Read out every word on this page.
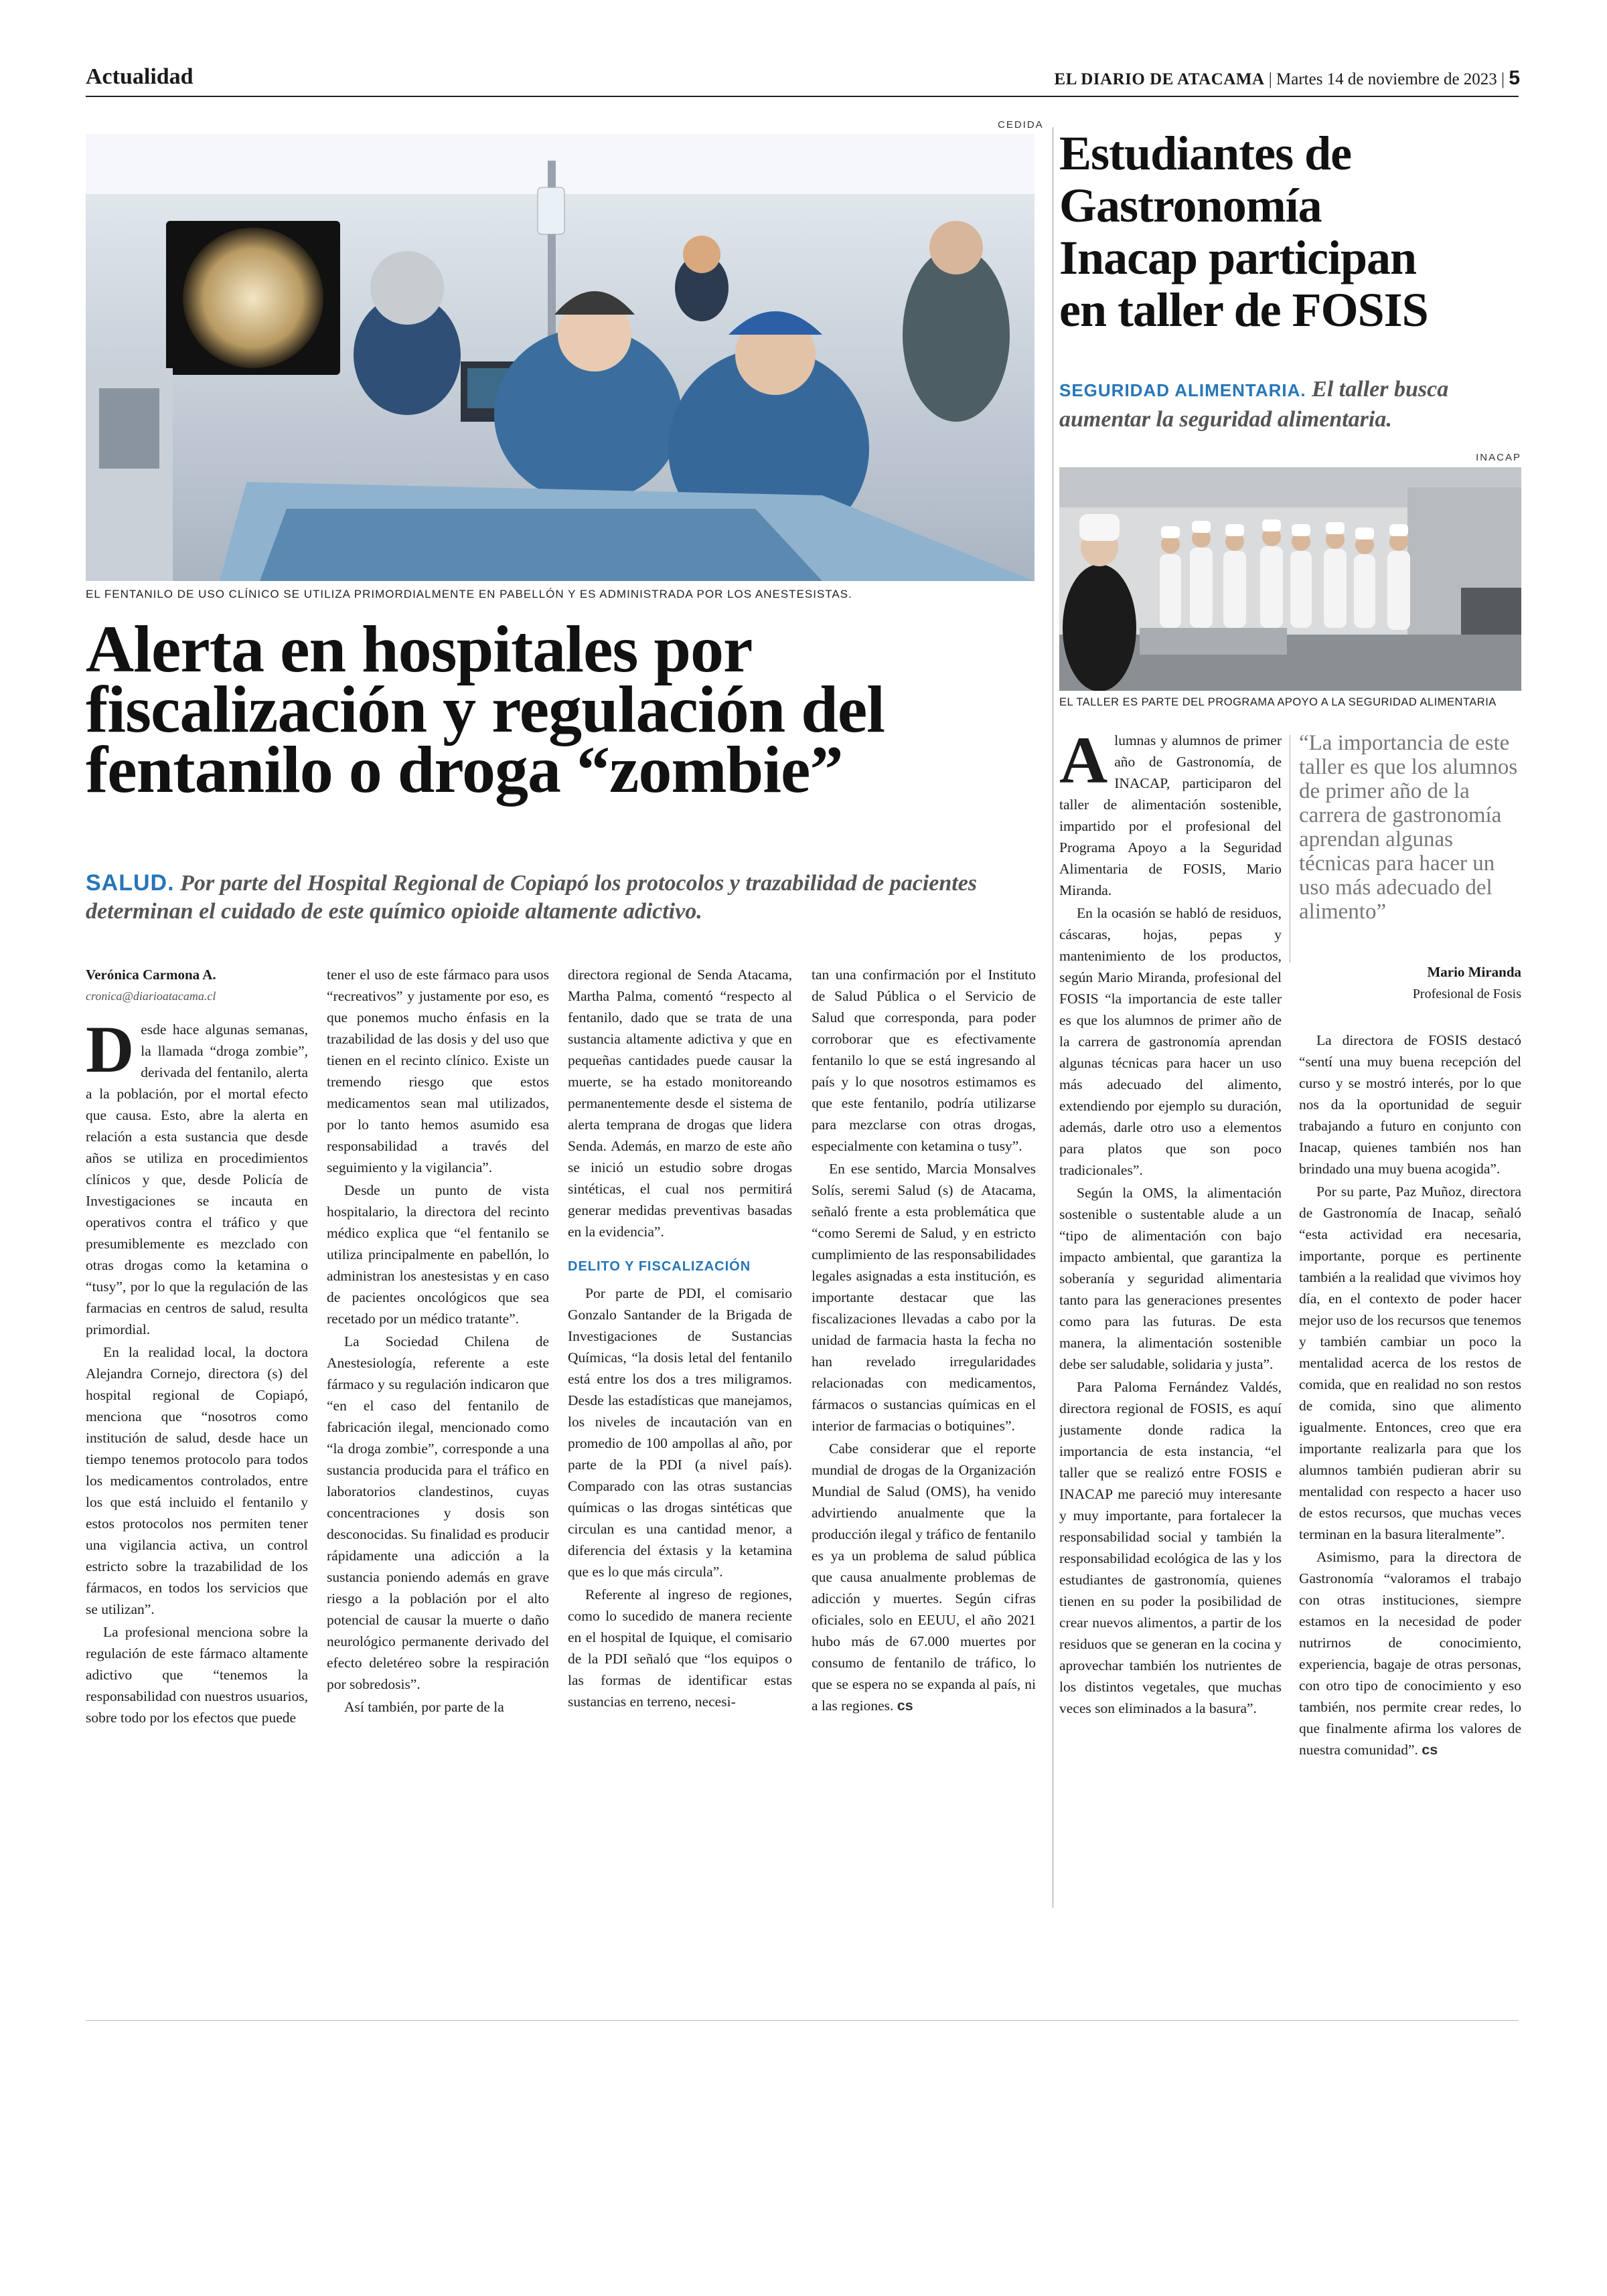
Actualidad	EL DIARIO DE ATACAMA | Martes 14 de noviembre de 2023 | 5
CEDIDA
EL FENTANILO DE USO CLÍNICO SE UTILIZA PRIMORDIALMENTE EN PABELLÓN Y ES ADMINISTRADA POR LOS ANESTESISTAS.
Alerta en hospitales por
fiscalización y regulación del
fentanilo o droga “zombie”
SALUD. Por parte del Hospital Regional de Copiapó los protocolos y trazabilidad de pacientes determinan el cuidado de este químico opioide altamente adictivo.
Verónica Carmona A.
cronica@diarioatacama.cl

Desde hace algunas semanas, la llamada “droga zombie”, derivada del fentanilo, alerta a la población, por el mortal efecto que causa. Esto, abre la alerta en relación a esta sustancia que desde años se utiliza en procedimientos clínicos y que, desde Policía de Investigaciones se incauta en operativos contra el tráfico y que presumiblemente es mezclado con otras drogas como la ketamina o “tusy”, por lo que la regulación de las farmacias en centros de salud, resulta primordial.

En la realidad local, la doctora Alejandra Cornejo, directora (s) del hospital regional de Copiapó, menciona que “nosotros como institución de salud, desde hace un tiempo tenemos protocolo para todos los medicamentos controlados, entre los que está incluido el fentanilo y estos protocolos nos permiten tener una vigilancia activa, un control estricto sobre la trazabilidad de los fármacos, en todos los servicios que se utilizan”.

La profesional menciona sobre la regulación de este fármaco altamente adictivo que “tenemos la responsabilidad con nuestros usuarios, sobre todo por los efectos que puede

tener el uso de este fármaco para usos “recreativos” y justamente por eso, es que ponemos mucho énfasis en la trazabilidad de las dosis y del uso que tienen en el recinto clínico. Existe un tremendo riesgo que estos medicamentos sean mal utilizados, por lo tanto hemos asumido esa responsabilidad a través del seguimiento y la vigilancia”.

Desde un punto de vista hospitalario, la directora del recinto médico explica que “el fentanilo se utiliza principalmente en pabellón, lo administran los anestesistas y en caso de pacientes oncológicos que sea recetado por un médico tratante”.

La Sociedad Chilena de Anestesiología, referente a este fármaco y su regulación indicaron que “en el caso del fentanilo de fabricación ilegal, mencionado como “la droga zombie”, corresponde a una sustancia producida para el tráfico en laboratorios clandestinos, cuyas concentraciones y dosis son desconocidas. Su finalidad es producir rápidamente una adicción a la sustancia poniendo además en grave riesgo a la población por el alto potencial de causar la muerte o daño neurológico permanente derivado del efecto deletéreo sobre la respiración por sobredosis”.

Así también, por parte de la

directora regional de Senda Atacama, Martha Palma, comentó “respecto al fentanilo, dado que se trata de una sustancia altamente adictiva y que en pequeñas cantidades puede causar la muerte, se ha estado monitoreando permanentemente desde el sistema de alerta temprana de drogas que lidera Senda. Además, en marzo de este año se inició un estudio sobre drogas sintéticas, el cual nos permitirá generar medidas preventivas basadas en la evidencia”.

DELITO Y FISCALIZACIÓN

Por parte de PDI, el comisario Gonzalo Santander de la Brigada de Investigaciones de Sustancias Químicas, “la dosis letal del fentanilo está entre los dos a tres miligramos. Desde las estadísticas que manejamos, los niveles de incautación van en promedio de 100 ampollas al año, por parte de la PDI (a nivel país). Comparado con las otras sustancias químicas o las drogas sintéticas que circulan es una cantidad menor, a diferencia del éxtasis y la ketamina que es lo que más circula”.

Referente al ingreso de regiones, como lo sucedido de manera reciente en el hospital de Iquique, el comisario de la PDI señaló que “los equipos o las formas de identificar estas sustancias en terreno, necesi-

tan una confirmación por el Instituto de Salud Pública o el Servicio de Salud que corresponda, para poder corroborar que es efectivamente fentanilo lo que se está ingresando al país y lo que nosotros estimamos es que este fentanilo, podría utilizarse para mezclarse con otras drogas, especialmente con ketamina o tusy”.

En ese sentido, Marcia Monsalves Solís, seremi Salud (s) de Atacama, señaló frente a esta problemática que “como Seremi de Salud, y en estricto cumplimiento de las responsabilidades legales asignadas a esta institución, es importante destacar que las fiscalizaciones llevadas a cabo por la unidad de farmacia hasta la fecha no han revelado irregularidades relacionadas con medicamentos, fármacos o sustancias químicas en el interior de farmacias o botiquines”.

Cabe considerar que el reporte mundial de drogas de la Organización Mundial de Salud (OMS), ha venido advirtiendo anualmente que la producción ilegal y tráfico de fentanilo es ya un problema de salud pública que causa anualmente problemas de adicción y muertes. Según cifras oficiales, solo en EEUU, el año 2021 hubo más de 67.000 muertes por consumo de fentanilo de tráfico, lo que se espera no se expanda al país, ni a las regiones. cs

Estudiantes de
Gastronomía
Inacap participan
en taller de FOSIS
SEGURIDAD ALIMENTARIA. El taller busca aumentar la seguridad alimentaria.
INACAP
EL TALLER ES PARTE DEL PROGRAMA APOYO A LA SEGURIDAD ALIMENTARIA

Alumnas y alumnos de primer año de Gastronomía, de INACAP, participaron del taller de alimentación sostenible, impartido por el profesional del Programa Apoyo a la Seguridad Alimentaria de FOSIS, Mario Miranda.

En la ocasión se habló de residuos, cáscaras, hojas, pepas y mantenimiento de los productos, según Mario Miranda, profesional del FOSIS “la importancia de este taller es que los alumnos de primer año de la carrera de gastronomía aprendan algunas técnicas para hacer un uso más adecuado del alimento, extendiendo por ejemplo su duración, además, darle otro uso a elementos para platos que son poco tradicionales”.

Según la OMS, la alimentación sostenible o sustentable alude a un “tipo de alimentación con bajo impacto ambiental, que garantiza la soberanía y seguridad alimentaria tanto para las generaciones presentes como para las futuras. De esta manera, la alimentación sostenible debe ser saludable, solidaria y justa”.

Para Paloma Fernández Valdés, directora regional de FOSIS, es aquí justamente donde radica la importancia de esta instancia, “el taller que se realizó entre FOSIS e INACAP me pareció muy interesante y muy importante, para fortalecer la responsabilidad social y también la responsabilidad ecológica de las y los estudiantes de gastronomía, quienes tienen en su poder la posibilidad de crear nuevos alimentos, a partir de los residuos que se generan en la cocina y aprovechar también los nutrientes de los distintos vegetales, que muchas veces son eliminados a la basura”.

“La importancia de este taller es que los alumnos de primer año de la carrera de gastronomía aprendan algunas técnicas para hacer un uso más adecuado del alimento”
Mario Miranda
Profesional de Fosis

La directora de FOSIS destacó “sentí una muy buena recepción del curso y se mostró interés, por lo que nos da la oportunidad de seguir trabajando a futuro en conjunto con Inacap, quienes también nos han brindado una muy buena acogida”.

Por su parte, Paz Muñoz, directora de Gastronomía de Inacap, señaló “esta actividad era necesaria, importante, porque es pertinente también a la realidad que vivimos hoy día, en el contexto de poder hacer mejor uso de los recursos que tenemos y también cambiar un poco la mentalidad acerca de los restos de comida, que en realidad no son restos de comida, sino que alimento igualmente. Entonces, creo que era importante realizarla para que los alumnos también pudieran abrir su mentalidad con respecto a hacer uso de estos recursos, que muchas veces terminan en la basura literalmente”.

Asimismo, para la directora de Gastronomía “valoramos el trabajo con otras instituciones, siempre estamos en la necesidad de poder nutrirnos de conocimiento, experiencia, bagaje de otras personas, con otro tipo de conocimiento y eso también, nos permite crear redes, lo que finalmente afirma los valores de nuestra comunidad”. cs
